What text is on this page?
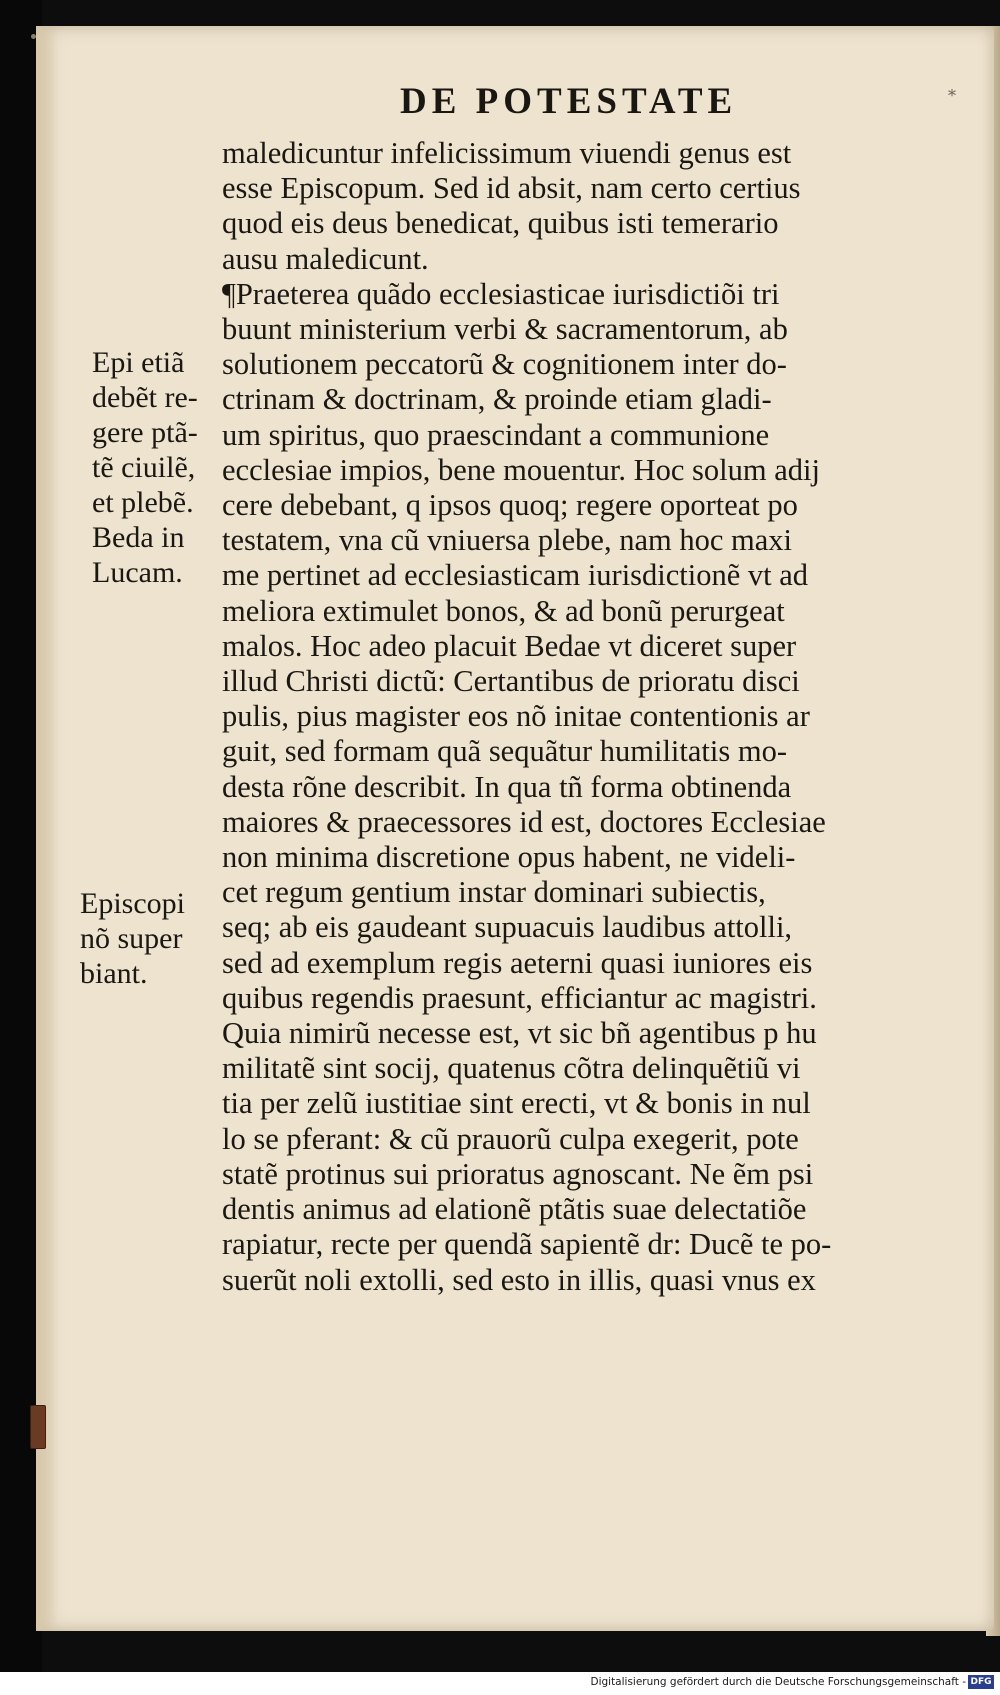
DE POTESTATE	*
maledicuntur infelicissimum viuendi genus est
esse Episcopum. Sed id absit, nam certo certius
quod eis deus benedicat, quibus isti temerario
ausu maledicunt.
¶Praeterea quãdo ecclesiasticae iurisdictiõi tri
buunt ministerium verbi & sacramentorum, ab
solutionem peccatorũ & cognitionem inter do-
ctrinam & doctrinam, & proinde etiam gladi-
um spiritus, quo praescindant a communione
ecclesiae impios, bene mouentur. Hoc solum adij
cere debebant, q ipsos quoq; regere oporteat po
testatem, vna cũ vniuersa plebe, nam hoc maxi
me pertinet ad ecclesiasticam iurisdictionẽ vt ad
meliora extimulet bonos, & ad bonũ perurgeat
malos. Hoc adeo placuit Bedae vt diceret super
illud Christi dictũ: Certantibus de prioratu disci
pulis, pius magister eos nõ initae contentionis ar
guit, sed formam quã sequãtur humilitatis mo-
desta rõne describit. In qua tñ forma obtinenda
maiores & praecessores id est, doctores Ecclesiae
non minima discretione opus habent, ne videli-
cet regum gentium instar dominari subiectis,
seq; ab eis gaudeant supuacuis laudibus attolli,
sed ad exemplum regis aeterni quasi iuniores eis
quibus regendis praesunt, efficiantur ac magistri.
Quia nimirũ necesse est, vt sic bñ agentibus p hu
militatẽ sint socij, quatenus cõtra delinquẽtiũ vi
tia per zelũ iustitiae sint erecti, vt & bonis in nul
lo se pferant: & cũ prauorũ culpa exegerit, pote
statẽ protinus sui prioratus agnoscant. Ne ẽm psi
dentis animus ad elationẽ ptãtis suae delectatiõe
rapiatur, recte per quendã sapientẽ dr: Ducẽ te po-
suerũt noli extolli, sed esto in illis, quasi vnus ex
Epi etiã
debẽt re-
gere ptã-
tẽ ciuilẽ,
et plebẽ.
Beda in
Lucam.
Episcopi
nõ super
biant.
Digitalisierung gefördert durch die Deutsche Forschungsgemeinschaft - DFG
